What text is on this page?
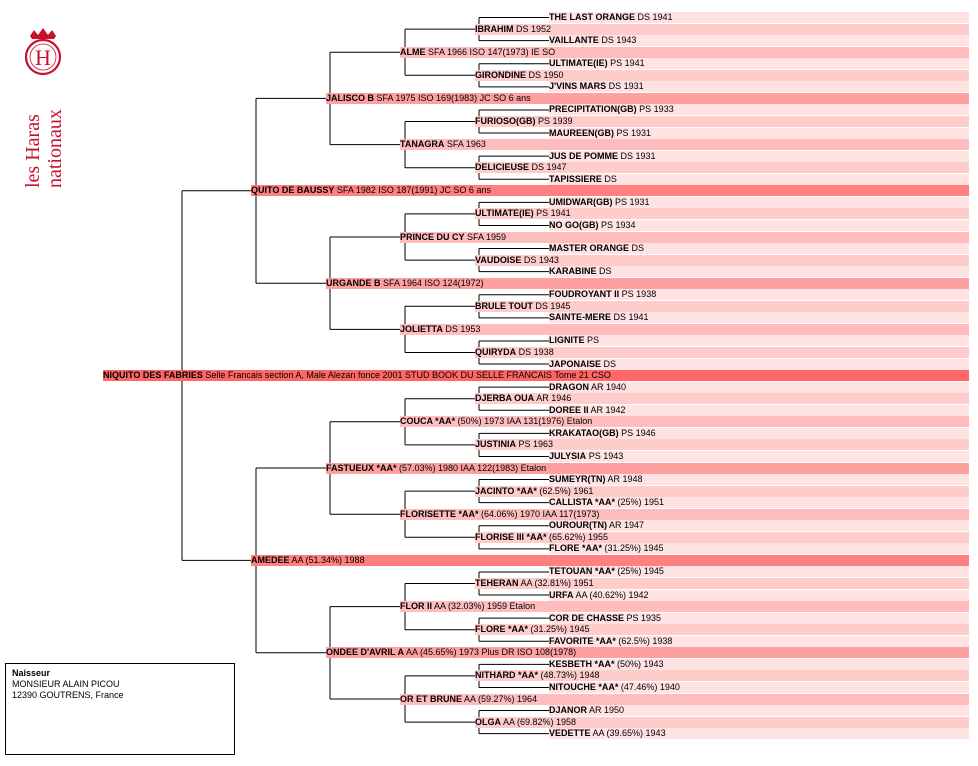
H
les Haras nationaux
NIQUITO DES FABRIES Selle Francais section A, Male Alezan fonce 2001 STUD BOOK DU SELLE FRANCAIS Tome 21 CSO
QUITO DE BAUSSY SFA 1982 ISO 187(1991) JC SO 6 ans
AMEDEE AA (51.34%) 1988
JALISCO B SFA 1975 ISO 169(1983) JC SO 6 ans
URGANDE B SFA 1964 ISO 124(1972)
FASTUEUX *AA* (57.03%) 1980 IAA 122(1983) Etalon
ONDEE D'AVRIL A AA (45.65%) 1973 Plus DR ISO 108(1978)
ALME SFA 1966 ISO 147(1973) IE SO
TANAGRA SFA 1963
PRINCE DU CY SFA 1959
JOLIETTA DS 1953
COUCA *AA* (50%) 1973 IAA 131(1976) Etalon
FLORISETTE *AA* (64.06%) 1970 IAA 117(1973)
FLOR II AA (32.03%) 1959 Etalon
OR ET BRUNE AA (59.27%) 1964
IBRAHIM DS 1952
GIRONDINE DS 1950
FURIOSO(GB) PS 1939
DELICIEUSE DS 1947
ULTIMATE(IE) PS 1941
VAUDOISE DS 1943
BRULE TOUT DS 1945
QUIRYDA DS 1938
DJERBA OUA AR 1946
JUSTINIA PS 1963
JACINTO *AA* (62.5%) 1961
FLORISE III *AA* (65.62%) 1955
TEHERAN AA (32.81%) 1951
FLORE *AA* (31.25%) 1945
NITHARD *AA* (48.73%) 1948
OLGA AA (69.82%) 1958
THE LAST ORANGE DS 1941
VAILLANTE DS 1943
ULTIMATE(IE) PS 1941
J'VINS MARS DS 1931
PRECIPITATION(GB) PS 1933
MAUREEN(GB) PS 1931
JUS DE POMME DS 1931
TAPISSIERE DS
UMIDWAR(GB) PS 1931
NO GO(GB) PS 1934
MASTER ORANGE DS
KARABINE DS
FOUDROYANT II PS 1938
SAINTE-MERE DS 1941
LIGNITE PS
JAPONAISE DS
DRAGON AR 1940
DOREE II AR 1942
KRAKATAO(GB) PS 1946
JULYSIA PS 1943
SUMEYR(TN) AR 1948
CALLISTA *AA* (25%) 1951
OUROUR(TN) AR 1947
FLORE *AA* (31.25%) 1945
TETOUAN *AA* (25%) 1945
URFA AA (40.62%) 1942
COR DE CHASSE PS 1935
FAVORITE *AA* (62.5%) 1938
KESBETH *AA* (50%) 1943
NITOUCHE *AA* (47.46%) 1940
DJANOR AR 1950
VEDETTE AA (39.65%) 1943
Naisseur
MONSIEUR ALAIN PICOU
12390 GOUTRENS, France
